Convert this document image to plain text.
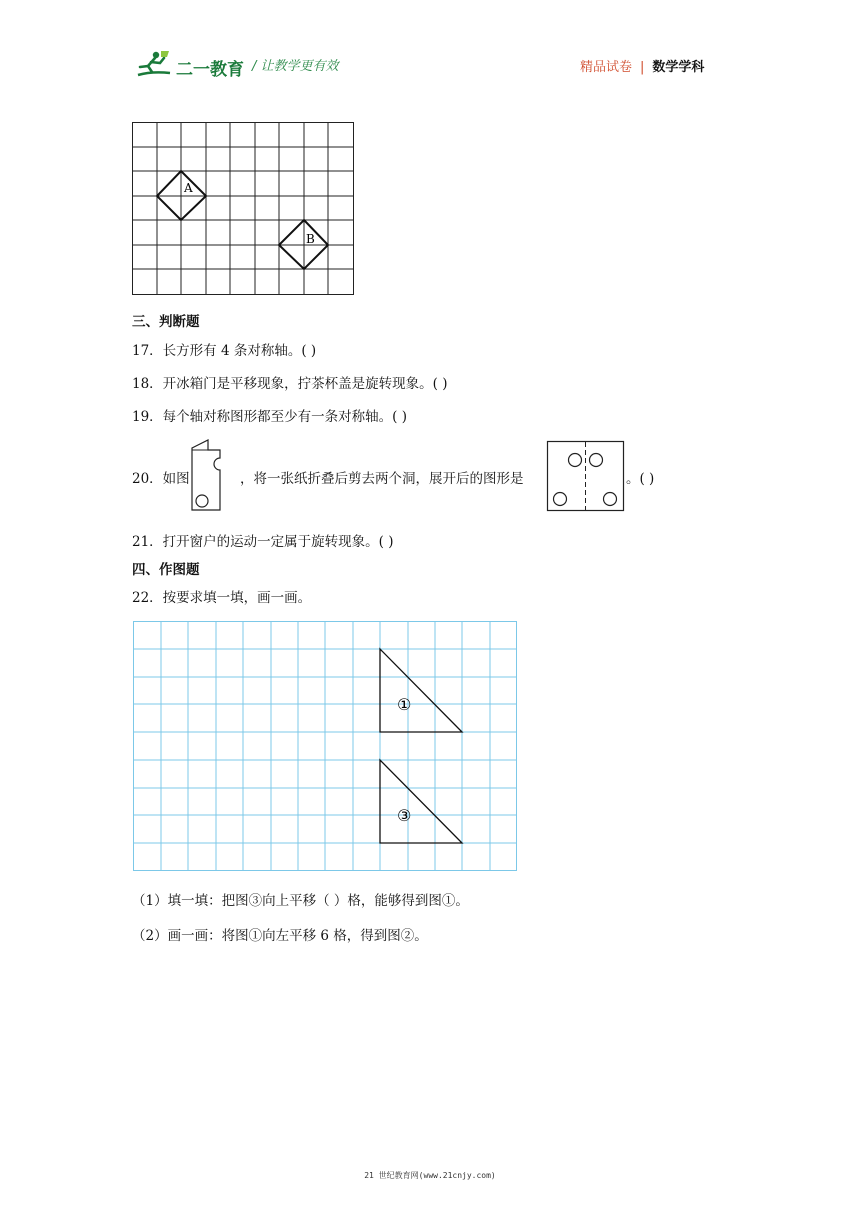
二一教育 / 让教学更有效	精品试卷 | 数学学科
A
B
三、判断题
17．长方形有 4 条对称轴。( )
18．开冰箱门是平移现象，拧茶杯盖是旋转现象。( )
19．每个轴对称图形都至少有一条对称轴。( )
20．如图	，将一张纸折叠后剪去两个洞，展开后的图形是	。( )
21．打开窗户的运动一定属于旋转现象。( )
四、作图题
22．按要求填一填，画一画。
①
③
（1）填一填：把图③向上平移（ ）格，能够得到图①。
（2）画一画：将图①向左平移 6 格，得到图②。
21 世纪教育网(www.21cnjy.com)
